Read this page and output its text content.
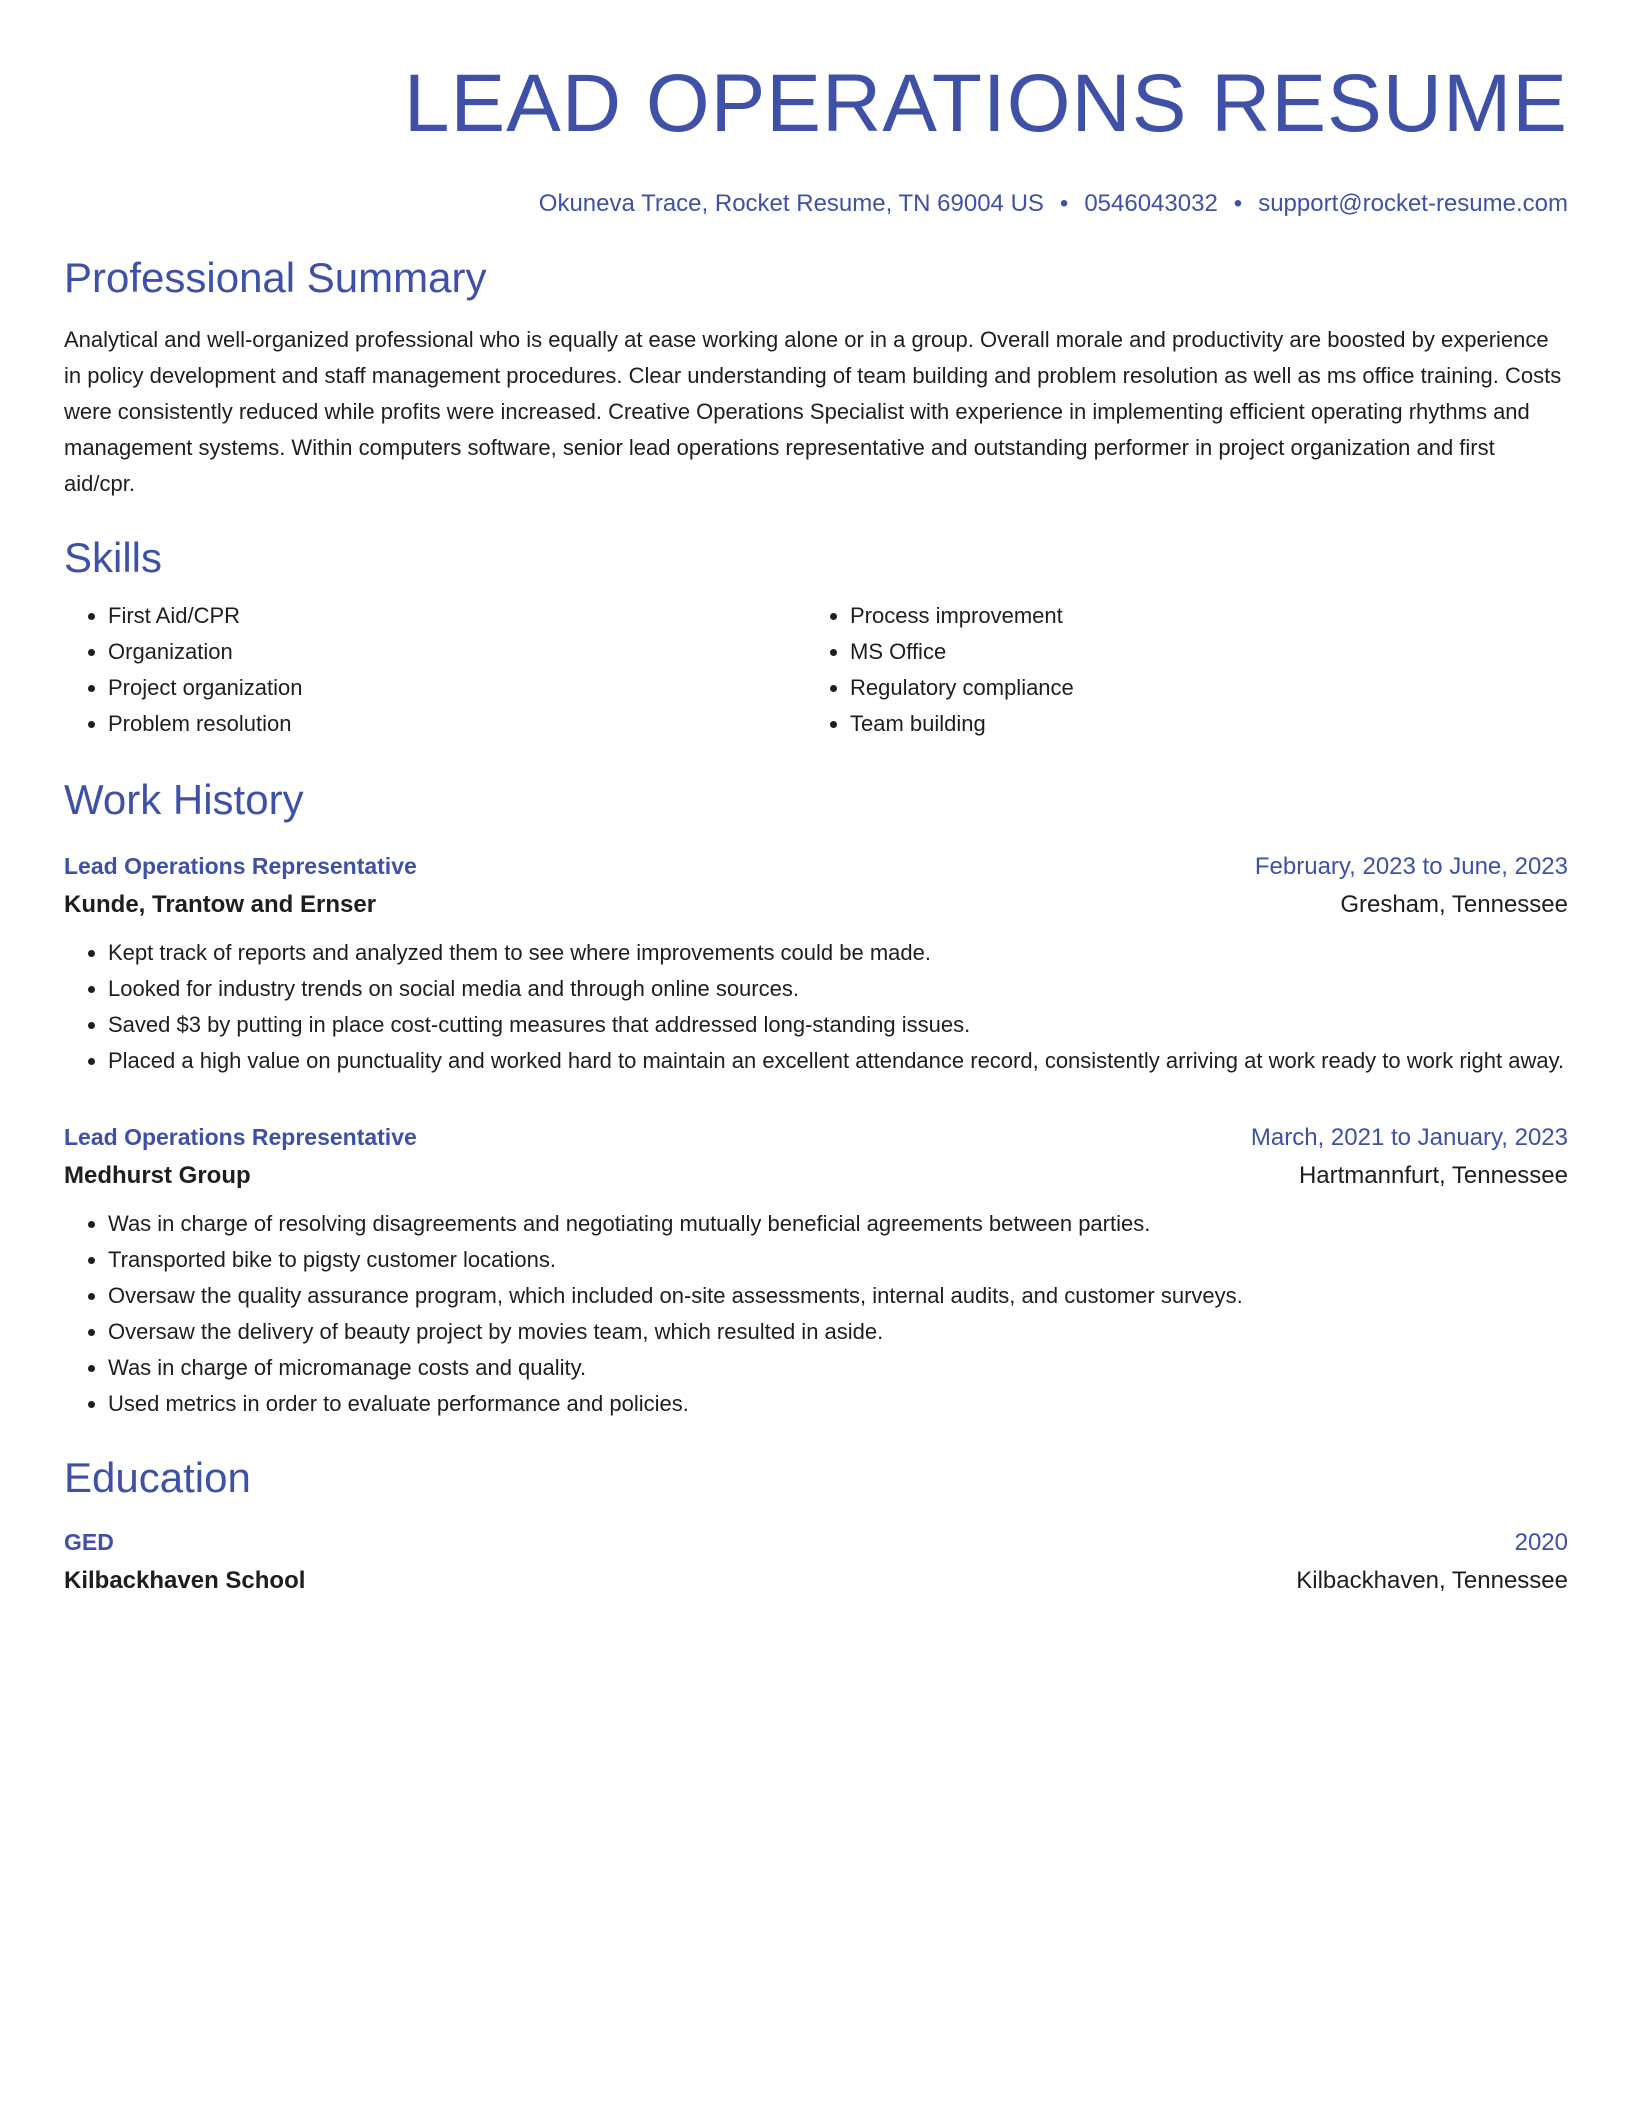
LEAD OPERATIONS RESUME
Okuneva Trace, Rocket Resume, TN 69004 US • 0546043032 • support@rocket-resume.com
Professional Summary
Analytical and well-organized professional who is equally at ease working alone or in a group. Overall morale and productivity are boosted by experience in policy development and staff management procedures. Clear understanding of team building and problem resolution as well as ms office training. Costs were consistently reduced while profits were increased. Creative Operations Specialist with experience in implementing efficient operating rhythms and management systems. Within computers software, senior lead operations representative and outstanding performer in project organization and first aid/cpr.
Skills
• First Aid/CPR
• Organization
• Project organization
• Problem resolution
• Process improvement
• MS Office
• Regulatory compliance
• Team building
Work History
Lead Operations Representative	February, 2023 to June, 2023
Kunde, Trantow and Ernser	Gresham, Tennessee
• Kept track of reports and analyzed them to see where improvements could be made.
• Looked for industry trends on social media and through online sources.
• Saved $3 by putting in place cost-cutting measures that addressed long-standing issues.
• Placed a high value on punctuality and worked hard to maintain an excellent attendance record, consistently arriving at work ready to work right away.
Lead Operations Representative	March, 2021 to January, 2023
Medhurst Group	Hartmannfurt, Tennessee
• Was in charge of resolving disagreements and negotiating mutually beneficial agreements between parties.
• Transported bike to pigsty customer locations.
• Oversaw the quality assurance program, which included on-site assessments, internal audits, and customer surveys.
• Oversaw the delivery of beauty project by movies team, which resulted in aside.
• Was in charge of micromanage costs and quality.
• Used metrics in order to evaluate performance and policies.
Education
GED	2020
Kilbackhaven School	Kilbackhaven, Tennessee
